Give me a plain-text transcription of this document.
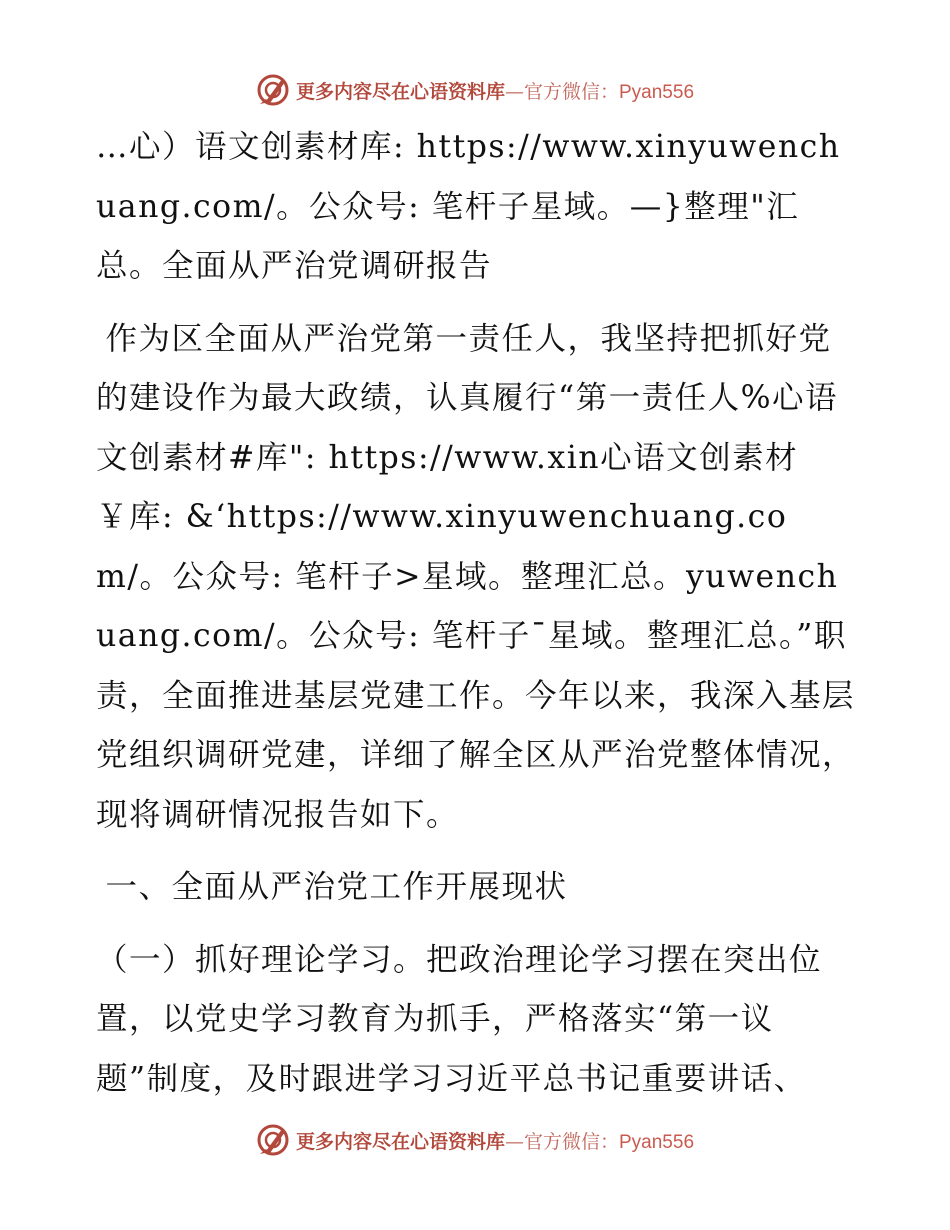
更多内容尽在心语资料库—官方微信：Pyan556

…心）语文创素材库: https://www.xinyuwenchuang.com/。公众号: 笔杆子星域。—}整理"汇总。全面从严治党调研报告

作为区全面从严治党第一责任人，我坚持把抓好党的建设作为最大政绩，认真履行“第一责任人%心语文创素材#库": https://www.xin心语文创素材￥库: &‘https://www.xinyuwenchuang.com/。公众号: 笔杆子>星域。整理汇总。yuwenchuang.com/。公众号: 笔杆子¯星域。整理汇总。”职责，全面推进基层党建工作。今年以来，我深入基层党组织调研党建，详细了解全区从严治党整体情况，现将调研情况报告如下。

一、全面从严治党工作开展现状

（一）抓好理论学习。把政治理论学习摆在突出位置，以党史学习教育为抓手，严格落实“第一议题”制度，及时跟进学习习近平总书记重要讲话、

更多内容尽在心语资料库—官方微信：Pyan556
